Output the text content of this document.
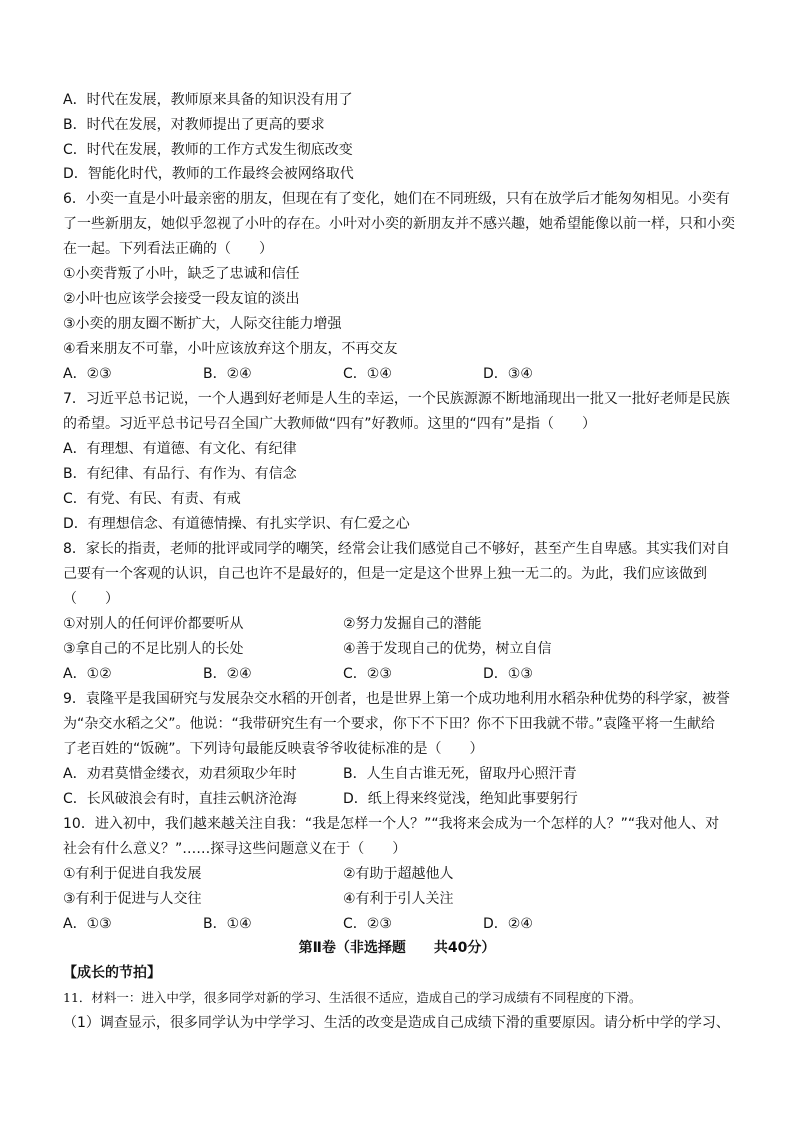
A．时代在发展，教师原来具备的知识没有用了
B．时代在发展，对教师提出了更高的要求
C．时代在发展，教师的工作方式发生彻底改变
D．智能化时代，教师的工作最终会被网络取代
6．小奕一直是小叶最亲密的朋友，但现在有了变化，她们在不同班级，只有在放学后才能匆匆相见。小奕有
了一些新朋友，她似乎忽视了小叶的存在。小叶对小奕的新朋友并不感兴趣，她希望能像以前一样，只和小奕
在一起。下列看法正确的（　　）
①小奕背叛了小叶，缺乏了忠诚和信任
②小叶也应该学会接受一段友谊的淡出
③小奕的朋友圈不断扩大，人际交往能力增强
④看来朋友不可靠，小叶应该放弃这个朋友，不再交友
A．②③	B．②④	C．①④	D．③④
7．习近平总书记说，一个人遇到好老师是人生的幸运，一个民族源源不断地涌现出一批又一批好老师是民族
的希望。习近平总书记号召全国广大教师做“四有”好教师。这里的“四有”是指（　　）
A．有理想、有道德、有文化、有纪律
B．有纪律、有品行、有作为、有信念
C．有党、有民、有责、有戒
D．有理想信念、有道德情操、有扎实学识、有仁爱之心
8．家长的指责，老师的批评或同学的嘲笑，经常会让我们感觉自己不够好，甚至产生自卑感。其实我们对自
己要有一个客观的认识，自己也许不是最好的，但是一定是这个世界上独一无二的。为此，我们应该做到
（　　）
①对别人的任何评价都要听从	②努力发掘自己的潜能
③拿自己的不足比别人的长处	④善于发现自己的优势，树立自信
A．①②	B．②④	C．②③	D．①③
9．袁隆平是我国研究与发展杂交水稻的开创者，也是世界上第一个成功地利用水稻杂种优势的科学家，被誉
为“杂交水稻之父”。他说：“我带研究生有一个要求，你下不下田？你不下田我就不带。”袁隆平将一生献给
了老百姓的“饭碗”。下列诗句最能反映袁爷爷收徒标准的是（　　）
A．劝君莫惜金缕衣，劝君须取少年时	B．人生自古谁无死，留取丹心照汗青
C．长风破浪会有时，直挂云帆济沧海	D．纸上得来终觉浅，绝知此事要躬行
10．进入初中，我们越来越关注自我：“我是怎样一个人？”“我将来会成为一个怎样的人？”“我对他人、对
社会有什么意义？”……探寻这些问题意义在于（　　）
①有利于促进自我发展	②有助于超越他人
③有利于促进与人交往	④有利于引人关注
A．①③	B．①④	C．②③	D．②④
第Ⅱ卷（非选择题　　共40分）
【成长的节拍】
11．材料一：进入中学，很多同学对新的学习、生活很不适应，造成自己的学习成绩有不同程度的下滑。
（1）调查显示，很多同学认为中学学习、生活的改变是造成自己成绩下滑的重要原因。请分析中学的学习、
